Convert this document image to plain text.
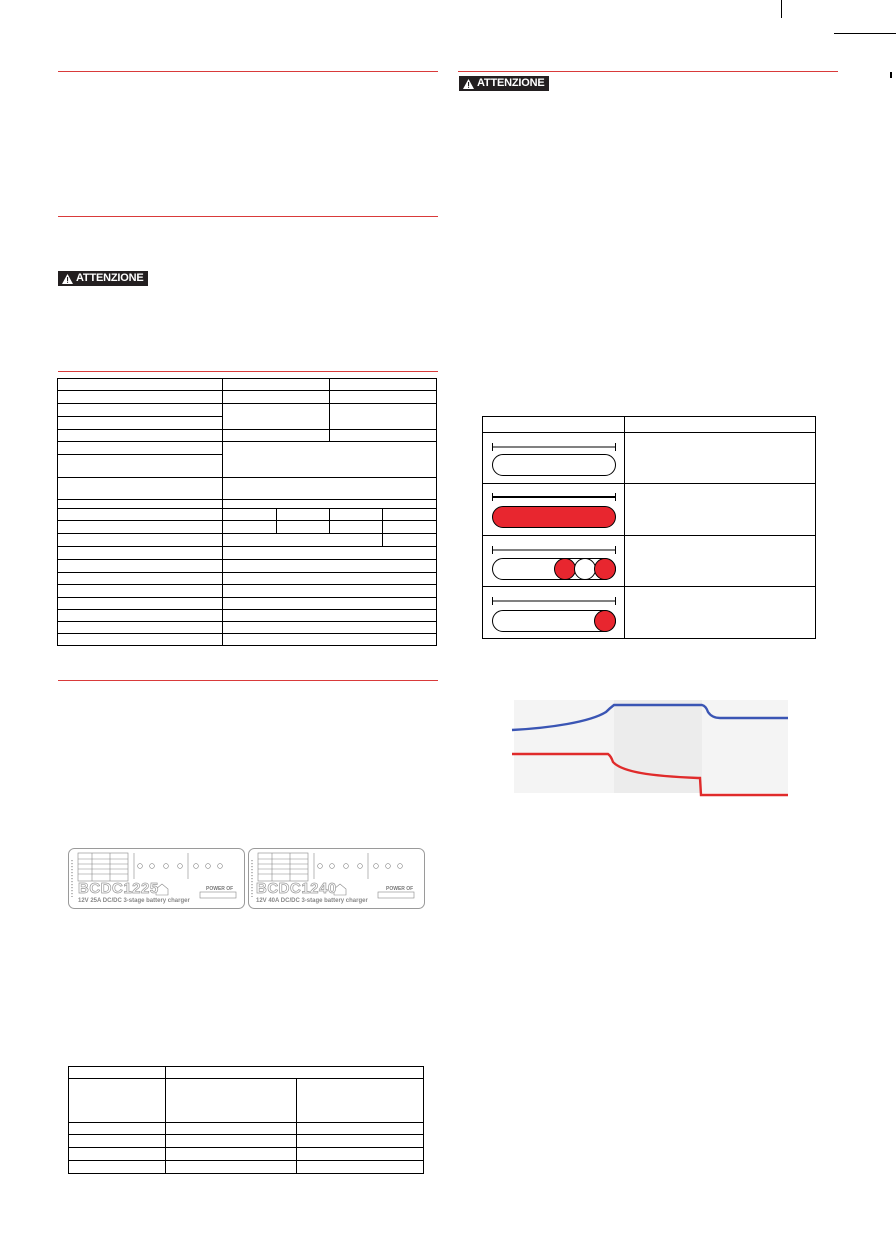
ATTENZIONE
BCDC1225
12V 25A DC/DC 3-stage battery charger
POWER OF BCDC1240
12V 40A DC/DC 3-stage battery charger
POWER OF
ATTENZIONE
